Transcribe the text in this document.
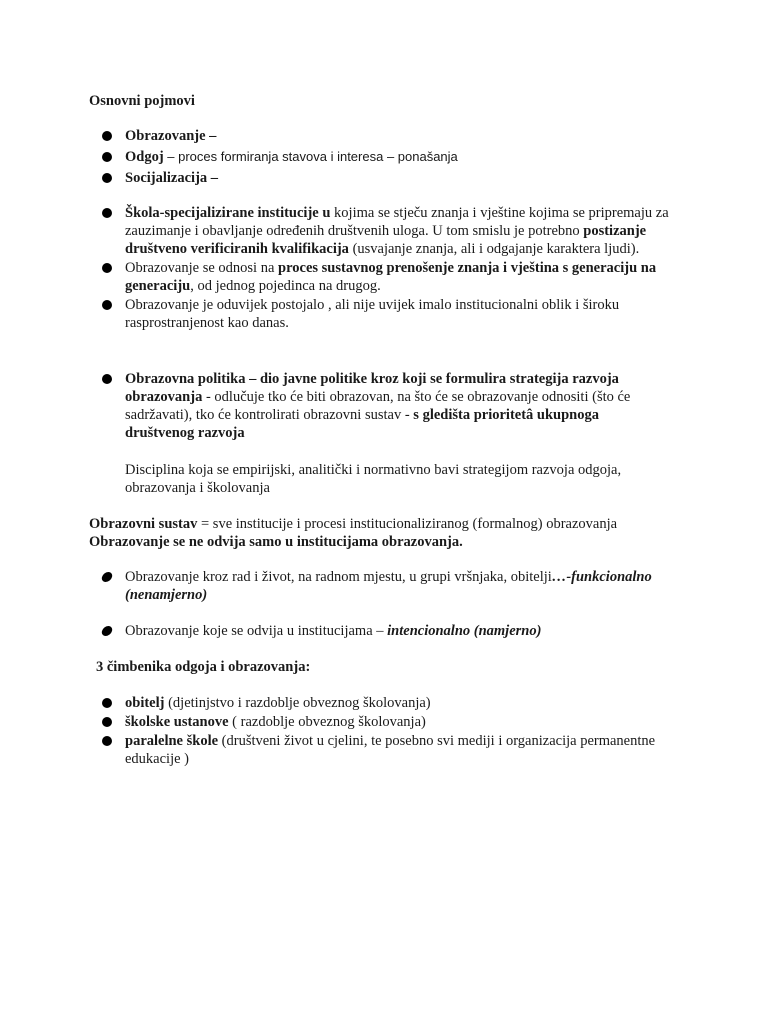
Osnovni pojmovi
Obrazovanje –
Odgoj – proces formiranja stavova i interesa – ponašanja
Socijalizacija –
Škola-specijalizirane institucije u kojima se stječu znanja i vještine kojima se pripremaju za zauzimanje i obavljanje određenih društvenih uloga. U tom smislu je potrebno postizanje društveno verificiranih kvalifikacija (usvajanje znanja, ali i odgajanje karaktera ljudi).
Obrazovanje se odnosi na proces sustavnog prenošenje znanja i vještina s generaciju na generaciju, od jednog pojedinca na drugog.
Obrazovanje je oduvijek postojalo , ali nije uvijek imalo institucionalni oblik i široku rasprostranjenost kao danas.
Obrazovna politika – dio javne politike kroz koji se formulira strategija razvoja obrazovanja - odlučuje tko će biti obrazovan, na što će se obrazovanje odnositi (što će sadržavati), tko će kontrolirati obrazovni sustav - s gledišta prioritetâ ukupnoga društvenog razvoja
Disciplina koja se empirijski, analitički i normativno bavi strategijom razvoja odgoja, obrazovanja i školovanja
Obrazovni sustav = sve institucije i procesi institucionaliziranog (formalnog) obrazovanja
Obrazovanje se ne odvija samo u institucijama obrazovanja.
Obrazovanje kroz rad i život, na radnom mjestu, u grupi vršnjaka, obitelji…-funkcionalno (nenamjerno)
Obrazovanje koje se odvija u institucijama – intencionalno (namjerno)
3 čimbenika odgoja i obrazovanja:
obitelj (djetinjstvo i razdoblje obveznog školovanja)
školske ustanove ( razdoblje obveznog školovanja)
paralelne škole (društveni život u cjelini, te posebno svi mediji i organizacija permanentne edukacije )
